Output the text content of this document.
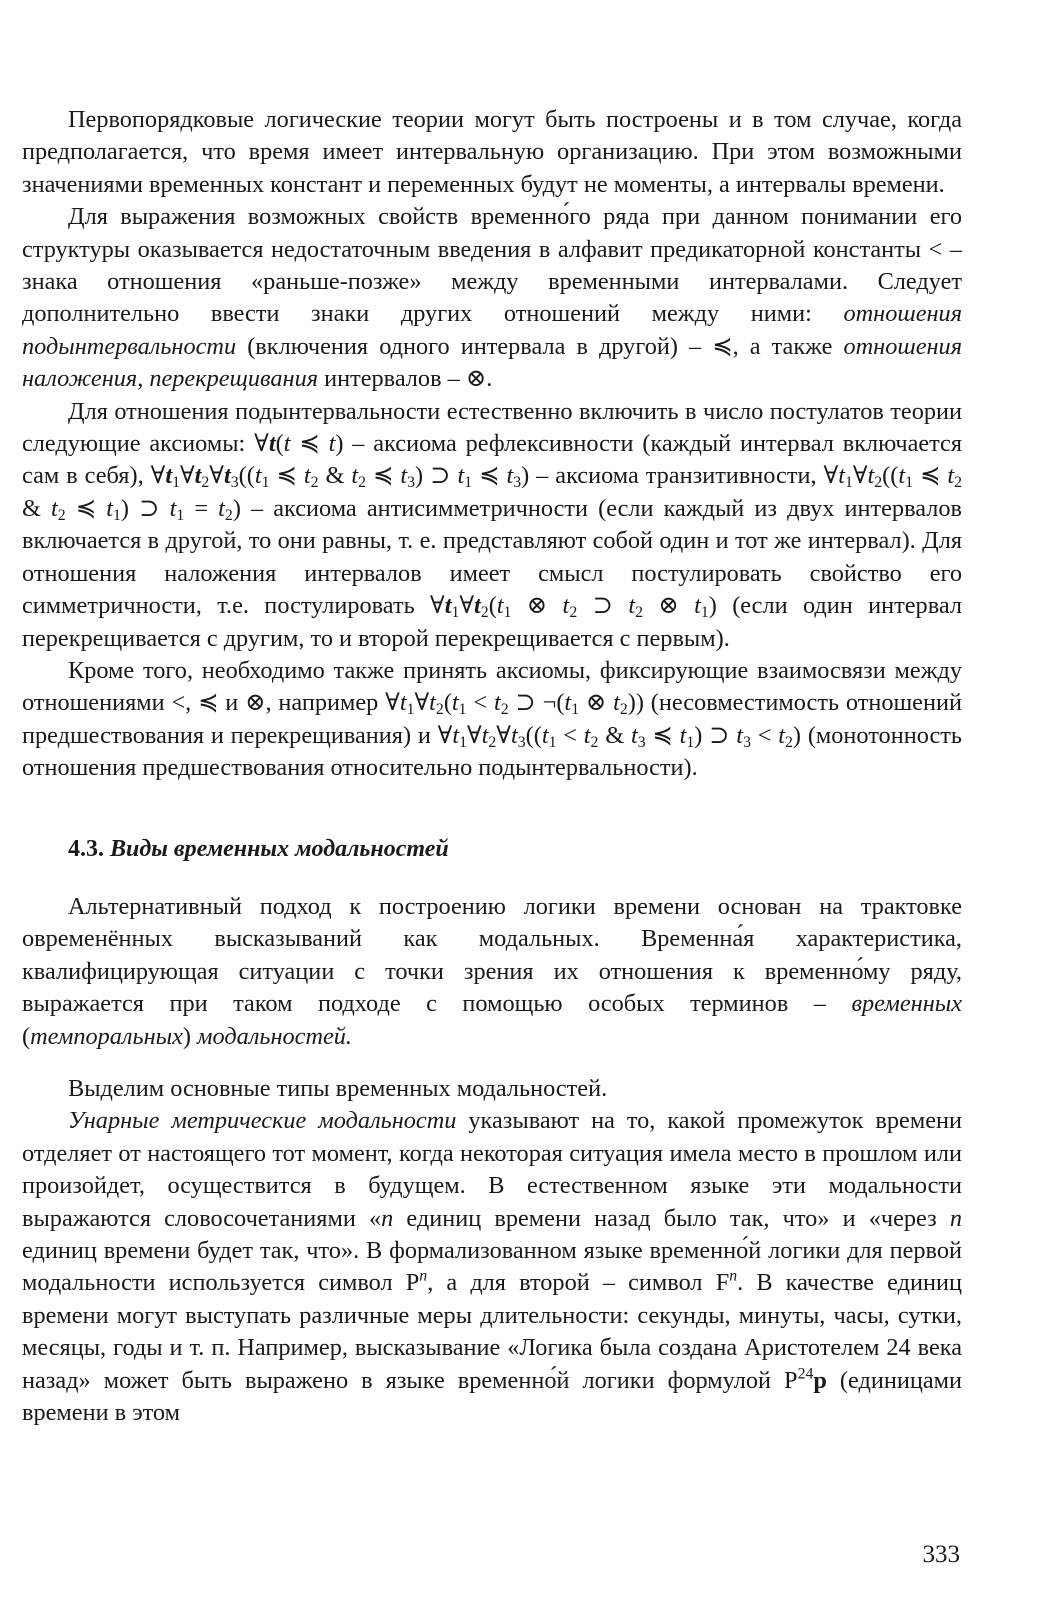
Первопорядковые логические теории могут быть построены и в том случае, когда предполагается, что время имеет интервальную организацию. При этом возможными значениями временных констант и переменных будут не моменты, а интервалы времени.

Для выражения возможных свойств временно́го ряда при данном понимании его структуры оказывается недостаточным введения в алфавит предикаторной константы < – знака отношения «раньше-позже» между временными интервалами. Следует дополнительно ввести знаки других отношений между ними: отношения подынтервальности (включения одного интервала в другой) – ≼, а также отношения наложения, перекрещивания интервалов – ⊗.

Для отношения подынтервальности естественно включить в число постулатов теории следующие аксиомы: ∀t(t ≼ t) – аксиома рефлексивности (каждый интервал включается сам в себя), $\forall t_1\forall t_2\forall t_3((t_1$ ≼ $t_2$ & $t_2$ ≼ $t_3$) ⊃ $t_1$ ≼ $t_3$) – аксиома транзитивности, $\forall t_1\forall t_2((t_1$ ≼ $t_2$ & $t_2$ ≼ $t_1$) ⊃ $t_1 = t_2$) – аксиома антисимметричности (если каждый из двух интервалов включается в другой, то они равны, т. е. представляют собой один и тот же интервал). Для отношения наложения интервалов имеет смысл постулировать свойство его симметричности, т.е. постулировать $\forall t_1\forall t_2(t_1$ ⊗ $t_2$ ⊃ $t_2$ ⊗ $t_1$) (если один интервал перекрещивается с другим, то и второй перекрещивается с первым).

Кроме того, необходимо также принять аксиомы, фиксирующие взаимосвязи между отношениями <, ≼ и ⊗, например $\forall t_1\forall t_2(t_1 < t_2$ ⊃ $\neg(t_1$ ⊗ $t_2$)) (несовместимость отношений предшествования и перекрещивания) и $\forall t_1\forall t_2\forall t_3((t_1 < t_2$ & $t_3$ ≼ $t_1$) ⊃ $t_3 < t_2$) (монотонность отношения предшествования относительно подынтервальности).

4.3. Виды временных модальностей

Альтернативный подход к построению логики времени основан на трактовке овременённых высказываний как модальных. Временна́я характеристика, квалифицирующая ситуации с точки зрения их отношения к временно́му ряду, выражается при таком подходе с помощью особых терминов – временных (темпоральных) модальностей.

Выделим основные типы временных модальностей.

Унарные метрические модальности указывают на то, какой промежуток времени отделяет от настоящего тот момент, когда некоторая ситуация имела место в прошлом или произойдет, осуществится в будущем. В естественном языке эти модальности выражаются словосочетаниями «n единиц времени назад было так, что» и «через n единиц времени будет так, что». В формализованном языке временно́й логики для первой модальности используется символ $P^n$, а для второй – символ $F^n$. В качестве единиц времени могут выступать различные меры длительности: секунды, минуты, часы, сутки, месяцы, годы и т. п. Например, высказывание «Логика была создана Аристотелем 24 века назад» может быть выражено в языке временно́й логики формулой $P^{24}p$ (единицами времени в этом

333
